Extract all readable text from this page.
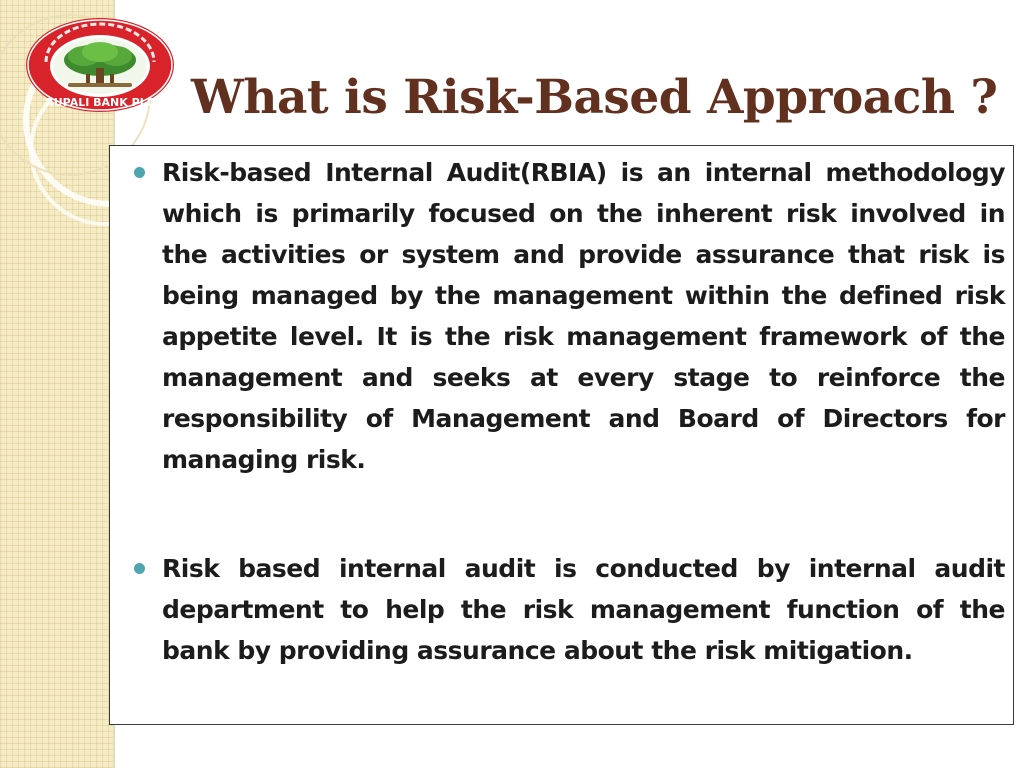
RUPALI BANK PLC What is Risk-Based Approach ?
Risk-based Internal Audit(RBIA) is an internal methodology which is primarily focused on the inherent risk involved in the activities or system and provide assurance that risk is being managed by the management within the defined risk appetite level. It is the risk management framework of the management and seeks at every stage to reinforce the responsibility of Management and Board of Directors for managing risk.
Risk based internal audit is conducted by internal audit department to help the risk management function of the bank by providing assurance about the risk mitigation.
